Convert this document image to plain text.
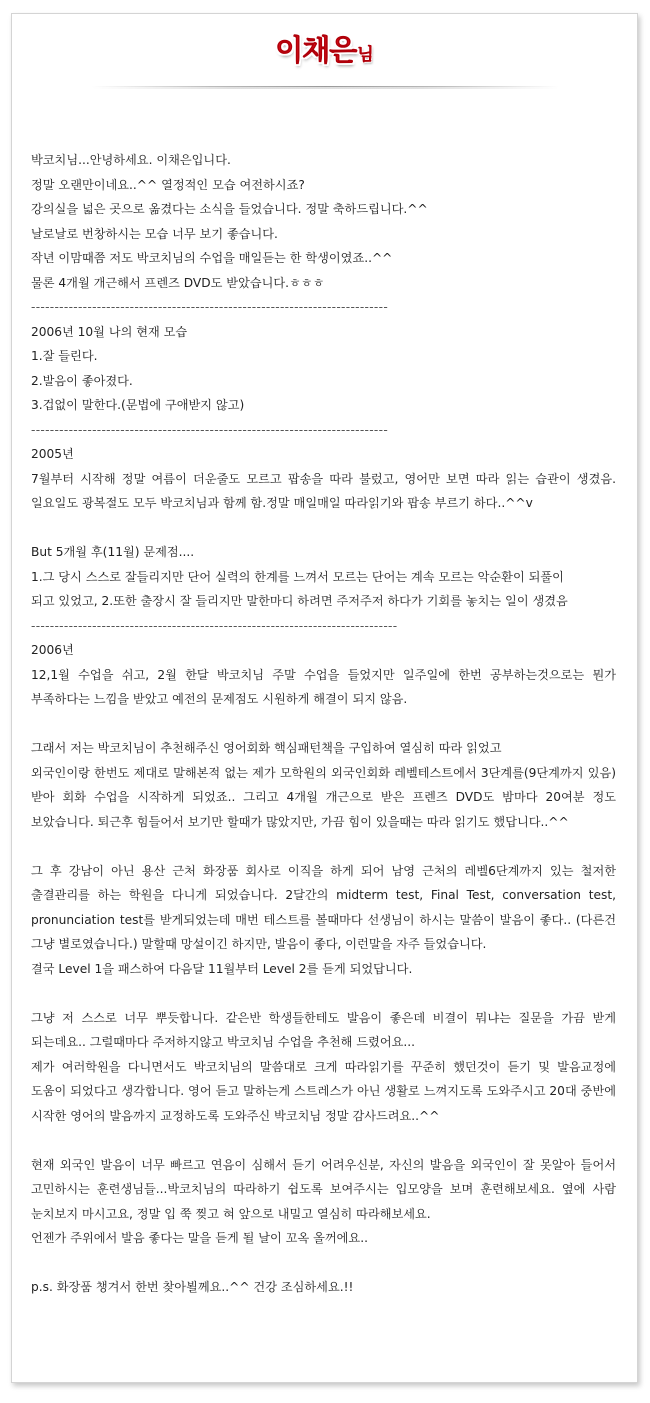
이채은님

박코치님...안녕하세요. 이채은입니다.

정말 오랜만이네요..^^ 열정적인 모습 여전하시죠?

강의실을 넓은 곳으로 옮겼다는 소식을 들었습니다. 정말 축하드립니다.^^

날로날로 번창하시는 모습 너무 보기 좋습니다.

작년 이맘때쯤 저도 박코치님의 수업을 매일듣는 한 학생이였죠..^^

물론 4개월 개근해서 프렌즈 DVD도 받았습니다.ㅎㅎㅎ

----------------------------------------------------------------------------

2006년 10월 나의 현재 모습

1.잘 들린다.

2.발음이 좋아졌다.

3.겁없이 말한다.(문법에 구애받지 않고)

----------------------------------------------------------------------------

2005년

7월부터 시작해 정말 여름이 더운줄도 모르고 팝송을 따라 불렀고, 영어만 보면 따라 읽는 습관이 생겼음. 일요일도 광복절도 모두 박코치님과 함께 함.정말 매일매일 따라읽기와 팝송 부르기 하다..^^v

But 5개월 후(11월) 문제점....

1.그 당시 스스로 잘들리지만 단어 실력의 한계를 느껴서 모르는 단어는 계속 모르는 악순환이 되풀이

되고 있었고, 2.또한 출장시 잘 들리지만 말한마디 하려면 주저주저 하다가 기회를 놓치는 일이 생겼음

------------------------------------------------------------------------------

2006년

12,1월 수업을 쉬고, 2월 한달 박코치님 주말 수업을 들었지만 일주일에 한번 공부하는것으로는 뭔가 부족하다는 느낌을 받았고 예전의 문제점도 시원하게 해결이 되지 않음.

그래서 저는 박코치님이 추천해주신 영어회화 핵심패턴책을 구입하여 열심히 따라 읽었고

외국인이랑 한번도 제대로 말해본적 없는 제가 모학원의 외국인회화 레벨테스트에서 3단계를(9단계까지 있음) 받아 회화 수업을 시작하게 되었죠.. 그리고 4개월 개근으로 받은 프렌즈 DVD도 밤마다 20여분 정도 보았습니다. 퇴근후 힘들어서 보기만 할때가 많았지만, 가끔 힘이 있을때는 따라 읽기도 했답니다..^^

그 후 강남이 아닌 용산 근처 화장품 회사로 이직을 하게 되어 남영 근처의 레벨6단계까지 있는 철저한 출결관리를 하는 학원을 다니게 되었습니다. 2달간의 midterm test, Final Test, conversation test, pronunciation test를 받게되었는데 매번 테스트를 볼때마다 선생님이 하시는 말씀이 발음이 좋다.. (다른건 그냥 별로였습니다.) 말할때 망설이긴 하지만, 발음이 좋다, 이런말을 자주 들었습니다.

결국 Level 1을 패스하여 다음달 11월부터 Level 2를 듣게 되었답니다.

그냥 저 스스로 너무 뿌듯합니다. 같은반 학생들한테도 발음이 좋은데 비결이 뭐냐는 질문을 가끔 받게 되는데요.. 그럴때마다 주저하지않고 박코치님 수업을 추천해 드렸어요...

제가 여러학원을 다니면서도 박코치님의 말씀대로 크게 따라읽기를 꾸준히 했던것이 듣기 및 발음교정에 도움이 되었다고 생각합니다. 영어 듣고 말하는게 스트레스가 아닌 생활로 느껴지도록 도와주시고 20대 중반에 시작한 영어의 발음까지 교정하도록 도와주신 박코치님 정말 감사드려요..^^

현재 외국인 발음이 너무 빠르고 연음이 심해서 듣기 어려우신분, 자신의 발음을 외국인이 잘 못알아 들어서 고민하시는 훈련생님들...박코치님의 따라하기 쉽도록 보여주시는 입모양을 보며 훈련해보세요. 옆에 사람 눈치보지 마시고요, 정말 입 쭉 찢고 혀 앞으로 내밀고 열심히 따라해보세요.

언젠가 주위에서 발음 좋다는 말을 듣게 될 날이 꼬옥 올꺼에요..

p.s. 화장품 챙겨서 한번 찾아뵐께요..^^ 건강 조심하세요.!!
